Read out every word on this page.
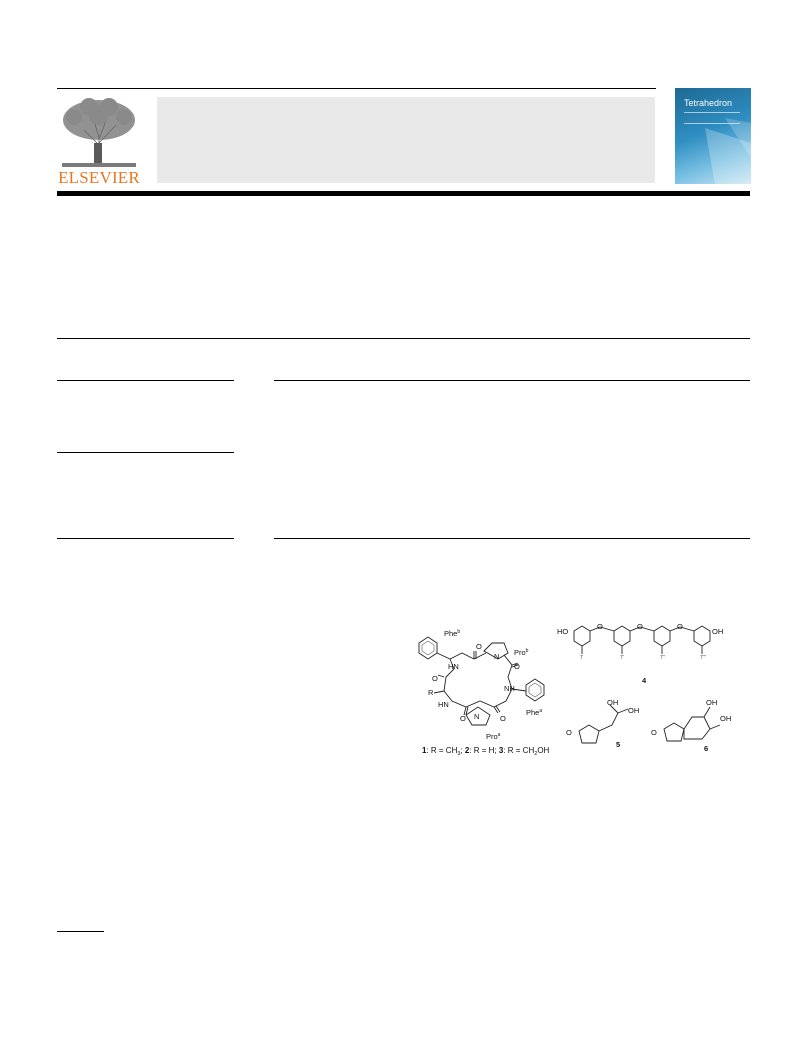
ELSEVIER
Tetrahedron
Phe$^b$
Pro$^b$
Pro$^a$
Phe$^a$
HN
NH
HN
N
N
R
O
O
O
O
O
HO
O	O	O
OH
4
7	7'	7''	7'''
OH
OH
O
5
OH
OH
O
6
1: $R = CH_3$; 2: R = H; 3: $R = CH_2OH$
